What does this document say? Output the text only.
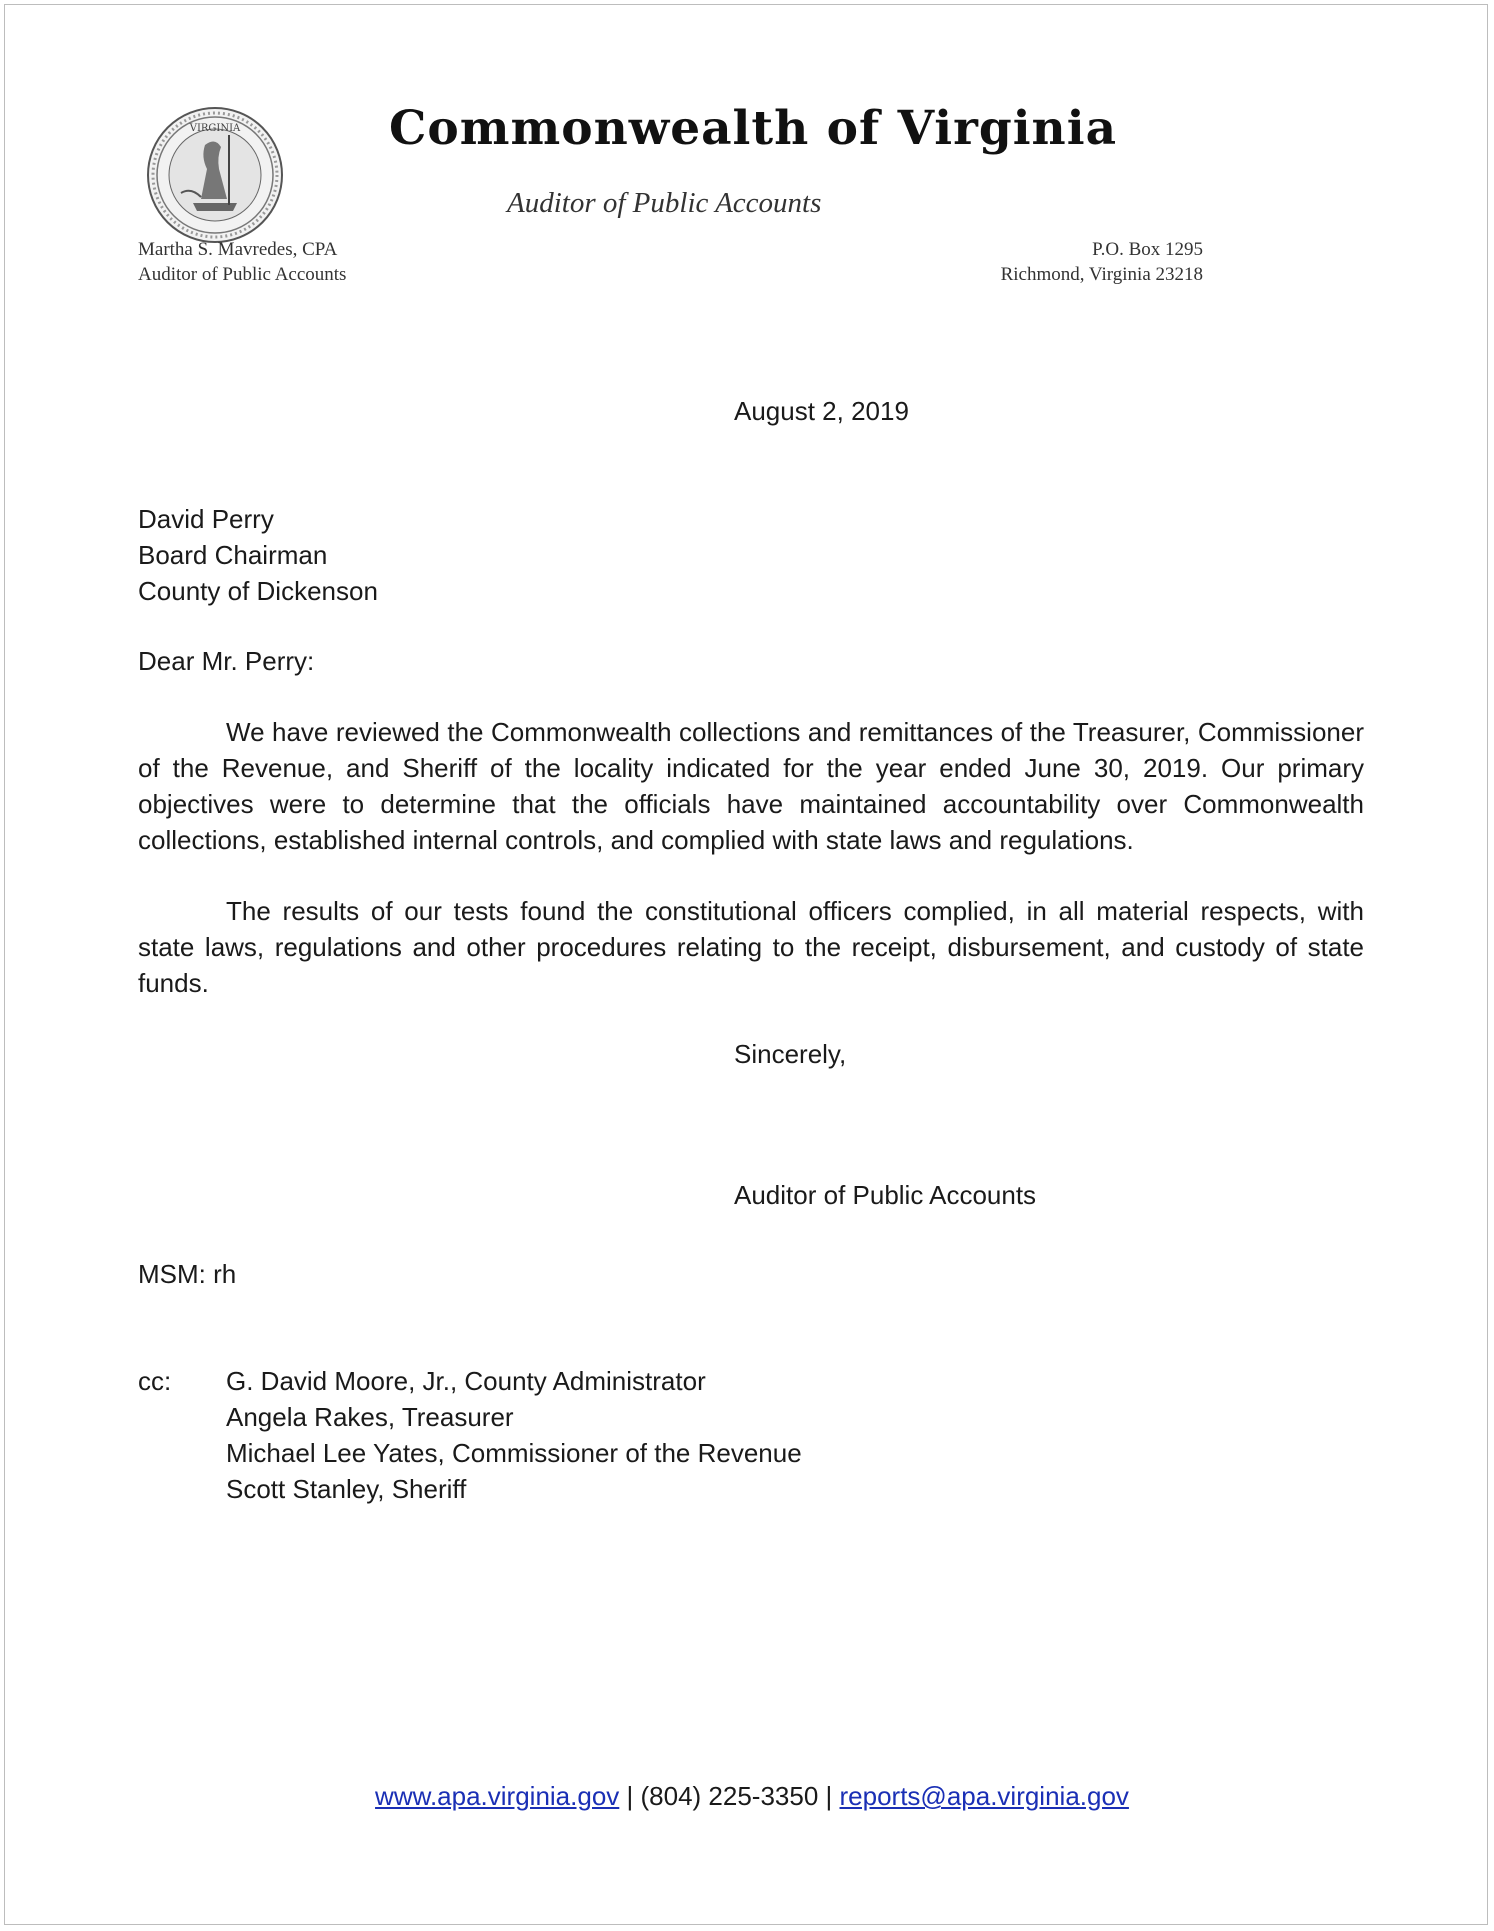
VIRGINIA	Commonwealth of Virginia
Auditor of Public Accounts
Martha S. Mavredes, CPA
Auditor of Public Accounts
P.O. Box 1295
Richmond, Virginia 23218
August 2, 2019
David Perry
Board Chairman
County of Dickenson
Dear Mr. Perry:

We have reviewed the Commonwealth collections and remittances of the Treasurer, Commissioner of the Revenue, and Sheriff of the locality indicated for the year ended June 30, 2019. Our primary objectives were to determine that the officials have maintained accountability over Commonwealth collections, established internal controls, and complied with state laws and regulations.

The results of our tests found the constitutional officers complied, in all material respects, with state laws, regulations and other procedures relating to the receipt, disbursement, and custody of state funds.

Sincerely,
Auditor of Public Accounts
MSM: rh
cc: G. David Moore, Jr., County Administrator
Angela Rakes, Treasurer
Michael Lee Yates, Commissioner of the Revenue
Scott Stanley, Sheriff
www.apa.virginia.gov | (804) 225-3350 | reports@apa.virginia.gov
